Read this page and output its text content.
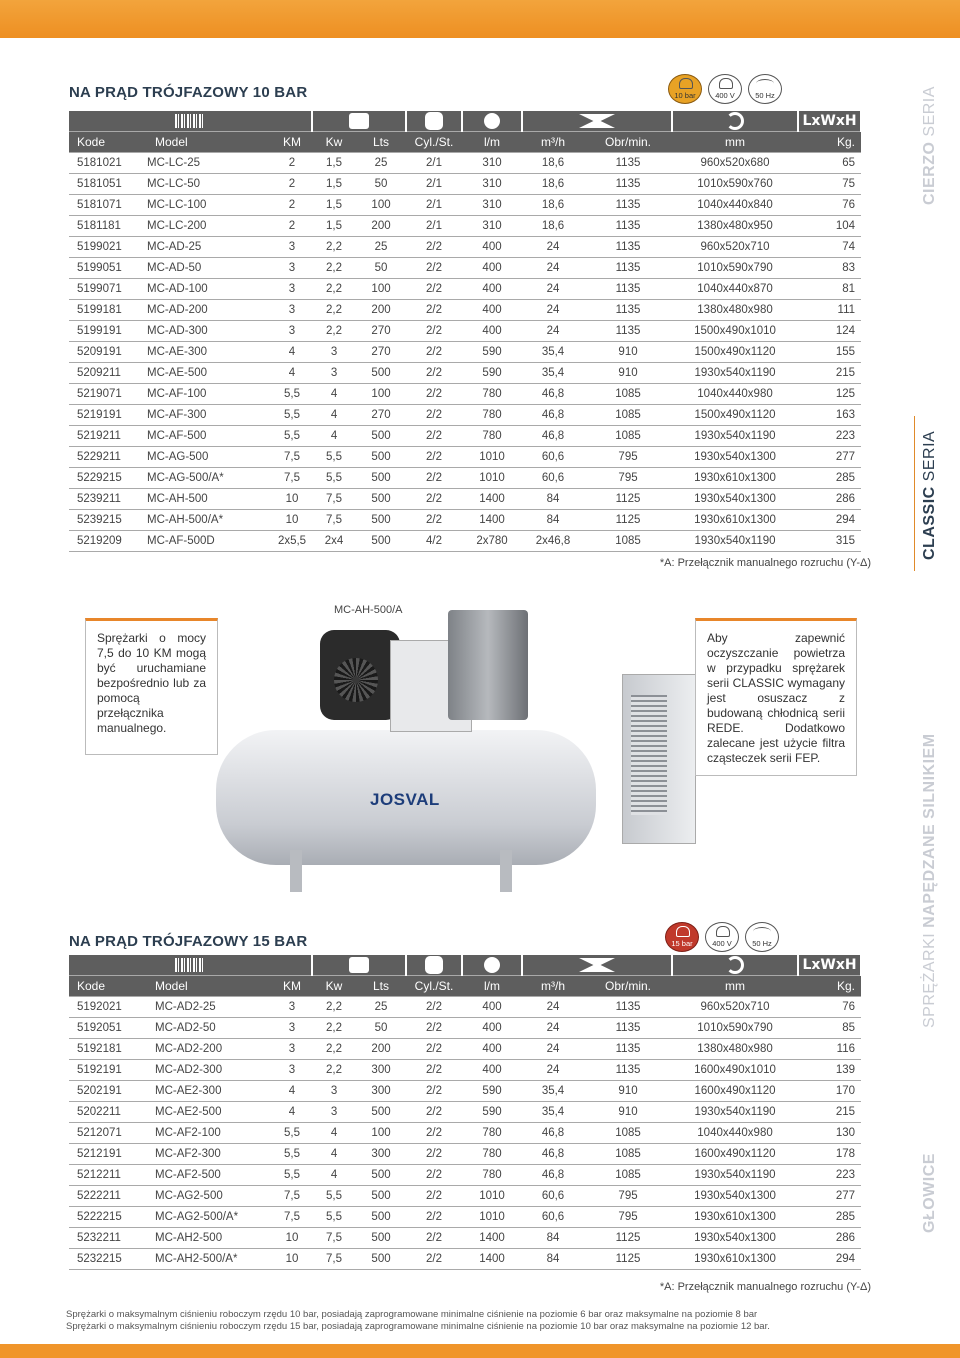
NA PRĄD TRÓJFAZOWY 10 BAR	10 bar	400 V	50 Hz
										LxWxH	
Kode	Model	KM	Kw	Lts	Cyl./St.	l/m	m³/h	Obr/min.	mm	Kg.	
5181021	MC-LC-25	2	1,5	25	2/1	310	18,6	1135	960x520x680	65	
5181051	MC-LC-50	2	1,5	50	2/1	310	18,6	1135	1010x590x760	75	
5181071	MC-LC-100	2	1,5	100	2/1	310	18,6	1135	1040x440x840	76	
5181181	MC-LC-200	2	1,5	200	2/1	310	18,6	1135	1380x480x950	104	
5199021	MC-AD-25	3	2,2	25	2/2	400	24	1135	960x520x710	74	
5199051	MC-AD-50	3	2,2	50	2/2	400	24	1135	1010x590x790	83	
5199071	MC-AD-100	3	2,2	100	2/2	400	24	1135	1040x440x870	81	
5199181	MC-AD-200	3	2,2	200	2/2	400	24	1135	1380x480x980	111	
5199191	MC-AD-300	3	2,2	270	2/2	400	24	1135	1500x490x1010	124	
5209191	MC-AE-300	4	3	270	2/2	590	35,4	910	1500x490x1120	155	
5209211	MC-AE-500	4	3	500	2/2	590	35,4	910	1930x540x1190	215	
5219071	MC-AF-100	5,5	4	100	2/2	780	46,8	1085	1040x440x980	125	
5219191	MC-AF-300	5,5	4	270	2/2	780	46,8	1085	1500x490x1120	163	
5219211	MC-AF-500	5,5	4	500	2/2	780	46,8	1085	1930x540x1190	223	
5229211	MC-AG-500	7,5	5,5	500	2/2	1010	60,6	795	1930x540x1300	277	
5229215	MC-AG-500/A*	7,5	5,5	500	2/2	1010	60,6	795	1930x610x1300	285	
5239211	MC-AH-500	10	7,5	500	2/2	1400	84	1125	1930x540x1300	286	
5239215	MC-AH-500/A*	10	7,5	500	2/2	1400	84	1125	1930x610x1300	294	
5219209	MC-AF-500D	2x5,5	2x4	500	4/2	2x780	2x46,8	1085	1930x540x1190	315	
*A: Przełącznik manualnego rozruchu (Y-Δ)
Sprężarki o mocy 7,5 do 10 KM mogą być uruchamiane bezpośrednio lub za pomocą przełącznika manualnego.
MC-AH-500/A
JOSVAL
Aby zapewnić oczyszczanie powietrza w przypadku sprężarek serii CLASSIC wymagany jest osuszacz z budowaną chłodnicą serii REDE. Dodatkowo zalecane jest użycie filtra cząsteczek serii FEP.
NA PRĄD TRÓJFAZOWY 15 BAR	15 bar	400 V	50 Hz
										LxWxH	
Kode	Model	KM	Kw	Lts	Cyl./St.	l/m	m³/h	Obr/min.	mm	Kg.	
5192021	MC-AD2-25	3	2,2	25	2/2	400	24	1135	960x520x710	76	
5192051	MC-AD2-50	3	2,2	50	2/2	400	24	1135	1010x590x790	85	
5192181	MC-AD2-200	3	2,2	200	2/2	400	24	1135	1380x480x980	116	
5192191	MC-AD2-300	3	2,2	300	2/2	400	24	1135	1600x490x1010	139	
5202191	MC-AE2-300	4	3	300	2/2	590	35,4	910	1600x490x1120	170	
5202211	MC-AE2-500	4	3	500	2/2	590	35,4	910	1930x540x1190	215	
5212071	MC-AF2-100	5,5	4	100	2/2	780	46,8	1085	1040x440x980	130	
5212191	MC-AF2-300	5,5	4	300	2/2	780	46,8	1085	1600x490x1120	178	
5212211	MC-AF2-500	5,5	4	500	2/2	780	46,8	1085	1930x540x1190	223	
5222211	MC-AG2-500	7,5	5,5	500	2/2	1010	60,6	795	1930x540x1300	277	
5222215	MC-AG2-500/A*	7,5	5,5	500	2/2	1010	60,6	795	1930x610x1300	285	
5232211	MC-AH2-500	10	7,5	500	2/2	1400	84	1125	1930x540x1300	286	
5232215	MC-AH2-500/A*	10	7,5	500	2/2	1400	84	1125	1930x610x1300	294	
*A: Przełącznik manualnego rozruchu (Y-Δ)
Sprężarki o maksymalnym ciśnieniu roboczym rzędu 10 bar, posiadają zaprogramowane minimalne ciśnienie na poziomie 6 bar oraz maksymalne na poziomie 8 bar
Sprężarki o maksymalnym ciśnieniu roboczym rzędu 15 bar, posiadają zaprogramowane minimalne ciśnienie na poziomie 10 bar oraz maksymalne na poziomie 12 bar.
CIERZO SERIA
CLASSIC SERIA
SPRĘŻARKI NAPĘDZANE SILNIKIEM
GŁOWICE
